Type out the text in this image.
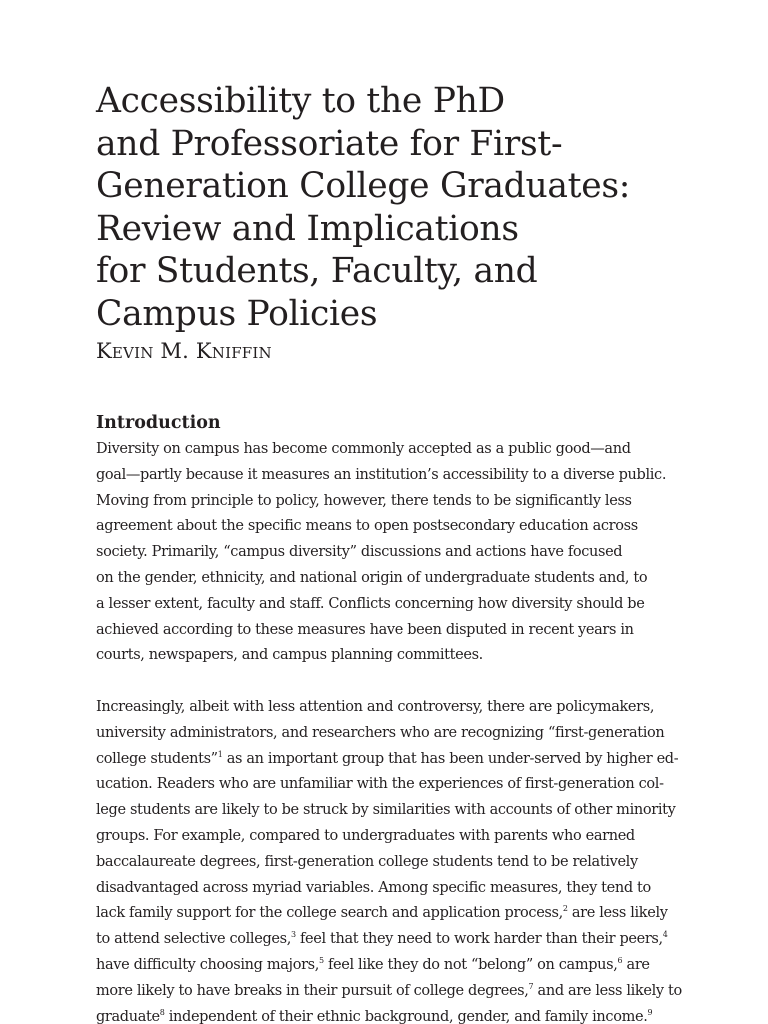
Accessibility to the PhD
and Professoriate for First-
Generation College Graduates:
Review and Implications
for Students, Faculty, and
Campus Policies
Kevin M. Kniffin
Introduction

Diversity on campus has become commonly accepted as a public good—and
goal—partly because it measures an institution’s accessibility to a diverse public.
Moving from principle to policy, however, there tends to be significantly less
agreement about the specific means to open postsecondary education across
society. Primarily, “campus diversity” discussions and actions have focused
on the gender, ethnicity, and national origin of undergraduate students and, to
a lesser extent, faculty and staff. Conflicts concerning how diversity should be
achieved according to these measures have been disputed in recent years in
courts, newspapers, and campus planning committees.

Increasingly, albeit with less attention and controversy, there are policymakers,
university administrators, and researchers who are recognizing “first-generation
college students”$^1$ as an important group that has been under-served by higher ed-
ucation. Readers who are unfamiliar with the experiences of first-generation col-
lege students are likely to be struck by similarities with accounts of other minority
groups. For example, compared to undergraduates with parents who earned
baccalaureate degrees, first-generation college students tend to be relatively
disadvantaged across myriad variables. Among specific measures, they tend to
lack family support for the college search and application process,$^2$ are less likely
to attend selective colleges,$^3$ feel that they need to work harder than their peers,$^4$
have difficulty choosing majors,$^5$ feel like they do not “belong” on campus,$^6$ are
more likely to have breaks in their pursuit of college degrees,$^7$ and are less likely to
graduate$^8$ independent of their ethnic background, gender, and family income.$^9$
